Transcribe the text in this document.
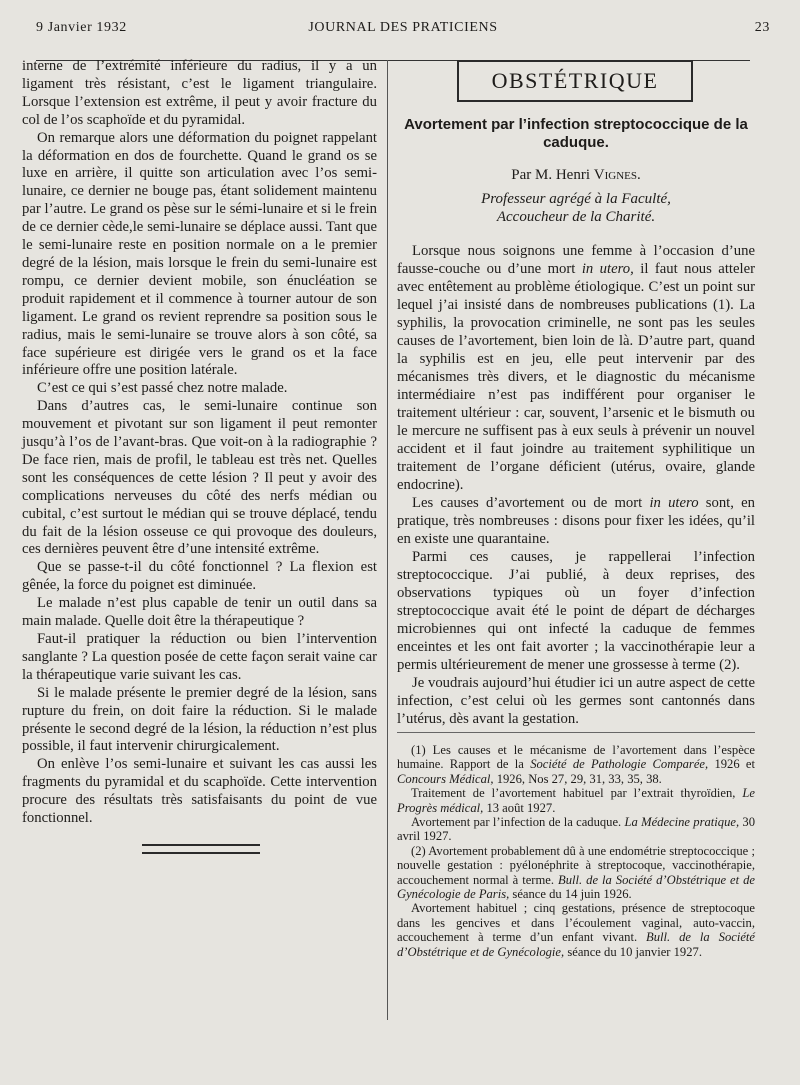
9 Janvier 1932	JOURNAL DES PRATICIENS	23

interne de l’extrémité inférieure du radius, il y a un ligament très résistant, c’est le ligament triangulaire. Lorsque l’extension est extrême, il peut y avoir fracture du col de l’os scaphoïde et du pyramidal.

On remarque alors une déformation du poignet rappelant la déformation en dos de fourchette. Quand le grand os se luxe en arrière, il quitte son articulation avec l’os semi-lunaire, ce dernier ne bouge pas, étant solidement maintenu par l’autre. Le grand os pèse sur le sémi-lunaire et si le frein de ce dernier cède,le semi-lunaire se déplace aussi. Tant que le semi-lunaire reste en position normale on a le premier degré de la lésion, mais lorsque le frein du semi-lunaire est rompu, ce dernier devient mobile, son énucléation se produit rapidement et il commence à tourner autour de son ligament. Le grand os revient reprendre sa position sous le radius, mais le semi-lunaire se trouve alors à son côté, sa face supérieure est dirigée vers le grand os et la face inférieure offre une position latérale.

C’est ce qui s’est passé chez notre malade.

Dans d’autres cas, le semi-lunaire continue son mouvement et pivotant sur son ligament il peut remonter jusqu’à l’os de l’avant-bras. Que voit-on à la radiographie ? De face rien, mais de profil, le tableau est très net. Quelles sont les conséquences de cette lésion ? Il peut y avoir des complications nerveuses du côté des nerfs médian ou cubital, c’est surtout le médian qui se trouve déplacé, tendu du fait de la lésion osseuse ce qui provoque des douleurs, ces dernières peuvent être d’une intensité extrême.

Que se passe-t-il du côté fonctionnel ? La flexion est gênée, la force du poignet est diminuée.

Le malade n’est plus capable de tenir un outil dans sa main malade. Quelle doit être la thérapeutique ?

Faut-il pratiquer la réduction ou bien l’intervention sanglante ? La question posée de cette façon serait vaine car la thérapeutique varie suivant les cas.

Si le malade présente le premier degré de la lésion, sans rupture du frein, on doit faire la réduction. Si le malade présente le second degré de la lésion, la réduction n’est plus possible, il faut intervenir chirurgicalement.

On enlève l’os semi-lunaire et suivant les cas aussi les fragments du pyramidal et du scaphoïde. Cette intervention procure des résultats très satisfaisants du point de vue fonctionnel.

OBSTÉTRIQUE
Avortement par l’infection streptococcique de la caduque.
Par M. Henri Vignes.
Professeur agrégé à la Faculté,
Accoucheur de la Charité.

Lorsque nous soignons une femme à l’occasion d’une fausse-couche ou d’une mort in utero, il faut nous atteler avec entêtement au problème étiologique. C’est un point sur lequel j’ai insisté dans de nombreuses publications (1). La syphilis, la provocation criminelle, ne sont pas les seules causes de l’avortement, bien loin de là. D’autre part, quand la syphilis est en jeu, elle peut intervenir par des mécanismes très divers, et le diagnostic du mécanisme intermédiaire n’est pas indifférent pour organiser le traitement ultérieur : car, souvent, l’arsenic et le bismuth ou le mercure ne suffisent pas à eux seuls à prévenir un nouvel accident et il faut joindre au traitement syphilitique un traitement de l’organe déficient (utérus, ovaire, glande endocrine).

Les causes d’avortement ou de mort in utero sont, en pratique, très nombreuses : disons pour fixer les idées, qu’il en existe une quarantaine.

Parmi ces causes, je rappellerai l’infection streptococcique. J’ai publié, à deux reprises, des observations typiques où un foyer d’infection streptococcique avait été le point de départ de décharges microbiennes qui ont infecté la caduque de femmes enceintes et les ont fait avorter ; la vaccinothérapie leur a permis ultérieurement de mener une grossesse à terme (2).

Je voudrais aujourd’hui étudier ici un autre aspect de cette infection, c’est celui où les germes sont cantonnés dans l’utérus, dès avant la gestation.

(1) Les causes et le mécanisme de l’avortement dans l’espèce humaine. Rapport de la Société de Pathologie Comparée, 1926 et Concours Médical, 1926, Nos 27, 29, 31, 33, 35, 38.

Traitement de l’avortement habituel par l’extrait thyroïdien, Le Progrès médical, 13 août 1927.

Avortement par l’infection de la caduque. La Médecine pratique, 30 avril 1927.

(2) Avortement probablement dû à une endométrie streptococcique ; nouvelle gestation : pyélonéphrite à streptocoque, vaccinothérapie, accouchement normal à terme. Bull. de la Société d’Obstétrique et de Gynécologie de Paris, séance du 14 juin 1926.

Avortement habituel ; cinq gestations, présence de streptocoque dans les gencives et dans l’écoulement vaginal, auto-vaccin, accouchement à terme d’un enfant vivant. Bull. de la Société d’Obstétrique et de Gynécologie, séance du 10 janvier 1927.
